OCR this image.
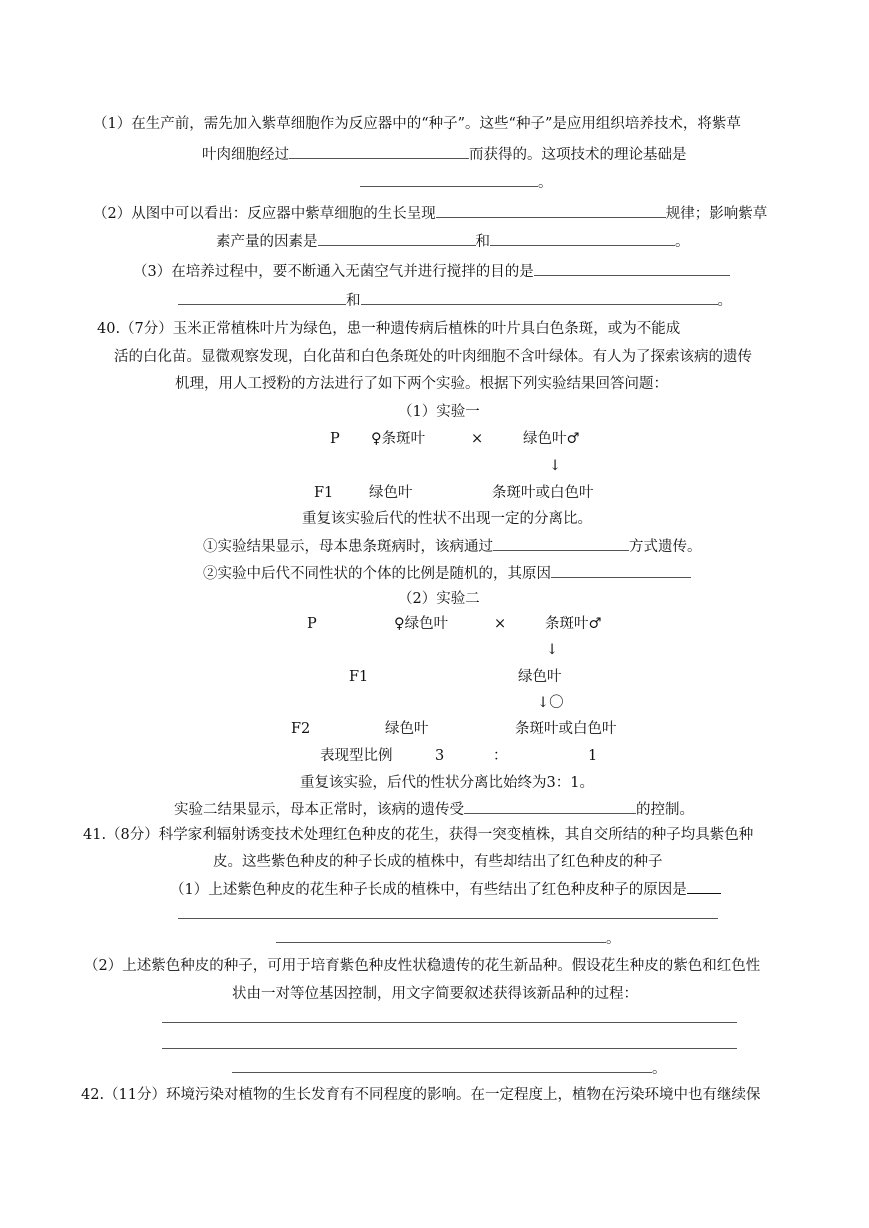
（1）在生产前，需先加入紫草细胞作为反应器中的“种子”。这些“种子”是应用组织培养技术，将紫草
叶肉细胞经过	而获得的。这项技术的理论基础是
。
（2）从图中可以看出：反应器中紫草细胞的生长呈现	规律；影响紫草
素产量的因素是	和	。
（3）在培养过程中，要不断通入无菌空气并进行搅拌的目的是
和	。
40.（7分）玉米正常植株叶片为绿色，患一种遗传病后植株的叶片具白色条斑，或为不能成
活的白化苗。显微观察发现，白化苗和白色条斑处的叶肉细胞不含叶绿体。有人为了探索该病的遗传
机理，用人工授粉的方法进行了如下两个实验。根据下列实验结果回答问题：
（1）实验一
P ♀条斑叶	×	绿色叶♂
↓
F1 绿色叶	条斑叶或白色叶
重复该实验后代的性状不出现一定的分离比。
①实验结果显示，母本患条斑病时，该病通过	方式遗传。
②实验中后代不同性状的个体的比例是随机的，其原因
（2）实验二
P	♀绿色叶	×	条斑叶♂
↓
F1	绿色叶
↓〇
F2	绿色叶	条斑叶或白色叶
表现型比例	3	：	1
重复该实验，后代的性状分离比始终为3：1。
实验二结果显示，母本正常时，该病的遗传受	的控制。
41.（8分）科学家利辐射诱变技术处理红色种皮的花生，获得一突变植株，其自交所结的种子均具紫色种
皮。这些紫色种皮的种子长成的植株中，有些却结出了红色种皮的种子
（1）上述紫色种皮的花生种子长成的植株中，有些结出了红色种皮种子的原因是
。
（2）上述紫色种皮的种子，可用于培育紫色种皮性状稳遗传的花生新品种。假设花生种皮的紫色和红色性
状由一对等位基因控制，用文字简要叙述获得该新品种的过程：
。
42.（11分）环境污染对植物的生长发育有不同程度的影响。在一定程度上，植物在污染环境中也有继续保
